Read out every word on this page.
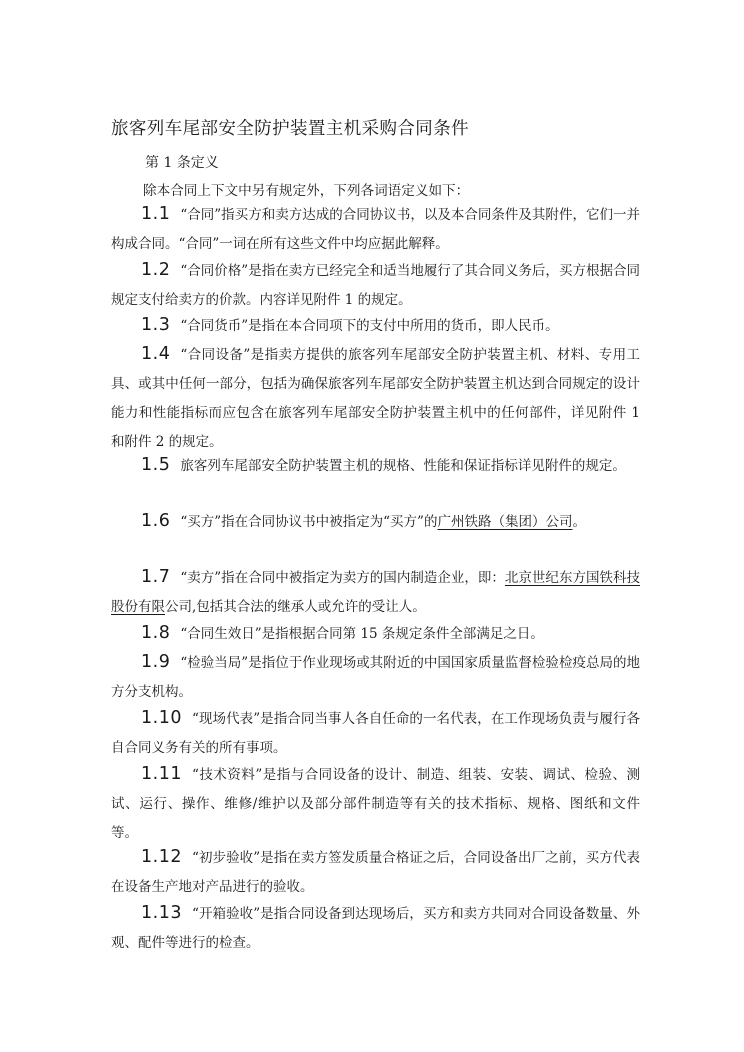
旅客列车尾部安全防护装置主机采购合同条件
第 1 条定义
除本合同上下文中另有规定外，下列各词语定义如下：
1.1 “合同”指买方和卖方达成的合同协议书，以及本合同条件及其附件，它们一并构成合同。“合同”一词在所有这些文件中均应据此解释。
1.2 “合同价格”是指在卖方已经完全和适当地履行了其合同义务后，买方根据合同规定支付给卖方的价款。内容详见附件 1 的规定。
1.3 “合同货币”是指在本合同项下的支付中所用的货币，即人民币。
1.4 “合同设备”是指卖方提供的旅客列车尾部安全防护装置主机、材料、专用工具、或其中任何一部分，包括为确保旅客列车尾部安全防护装置主机达到合同规定的设计能力和性能指标而应包含在旅客列车尾部安全防护装置主机中的任何部件，详见附件 1 和附件 2 的规定。
1.5 旅客列车尾部安全防护装置主机的规格、性能和保证指标详见附件的规定。
1.6 “买方”指在合同协议书中被指定为“买方”的广州铁路（集团）公司。
1.7 “卖方”指在合同中被指定为卖方的国内制造企业，即：北京世纪东方国铁科技股份有限公司,包括其合法的继承人或允许的受让人。
1.8 “合同生效日”是指根据合同第 15 条规定条件全部满足之日。
1.9 “检验当局”是指位于作业现场或其附近的中国国家质量监督检验检疫总局的地方分支机构。
1.10 “现场代表”是指合同当事人各自任命的一名代表，在工作现场负责与履行各自合同义务有关的所有事项。
1.11 “技术资料”是指与合同设备的设计、制造、组装、安装、调试、检验、测试、运行、操作、维修/维护以及部分部件制造等有关的技术指标、规格、图纸和文件等。
1.12 “初步验收”是指在卖方签发质量合格证之后，合同设备出厂之前，买方代表在设备生产地对产品进行的验收。
1.13 “开箱验收”是指合同设备到达现场后，买方和卖方共同对合同设备数量、外观、配件等进行的检查。
